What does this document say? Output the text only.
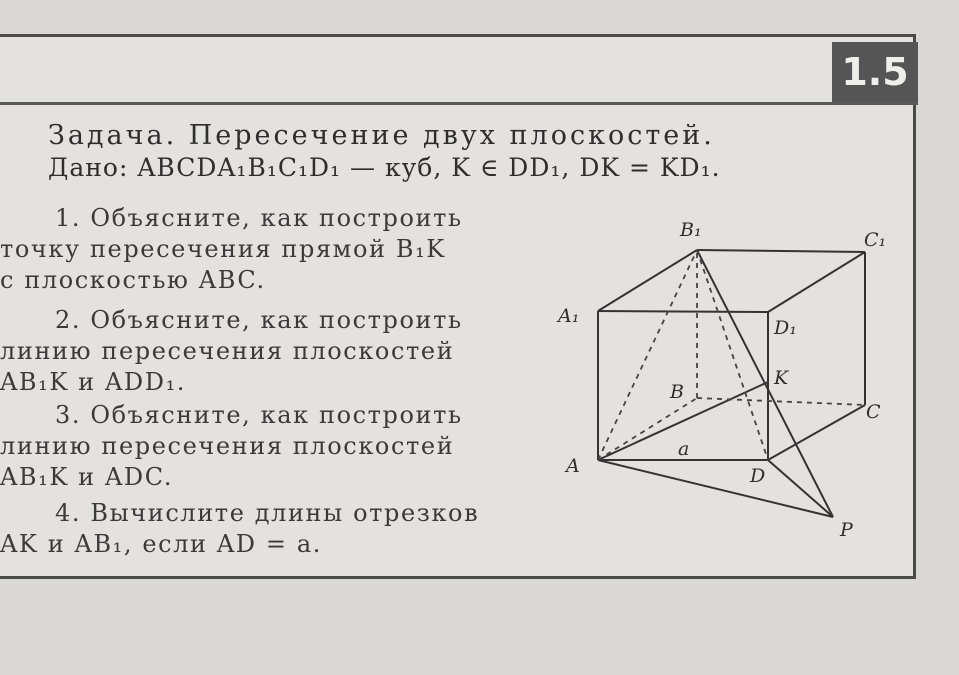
1.5
Задача. Пересечение двух плоскостей.
Дано: ABCDA₁B₁C₁D₁ — куб, K ∈ DD₁, DK = KD₁.
1. Объясните, как построить
точку пересечения прямой B₁K
с плоскостью ABC.
2. Объясните, как построить
линию пересечения плоскостей
AB₁K и ADD₁.
3. Объясните, как построить
линию пересечения плоскостей
AB₁K и ADC.
4. Вычислите длины отрезков
AK и AB₁, если AD = a.
B₁	C₁
A₁
D₁
K
B
C
a
A	D
P
